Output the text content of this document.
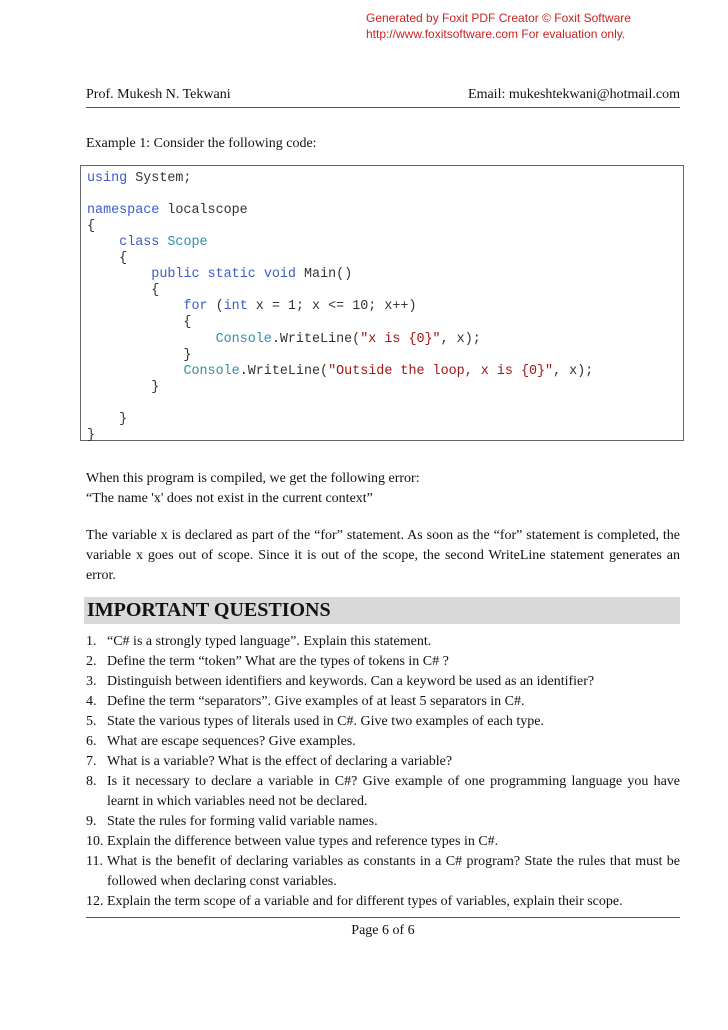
Generated by Foxit PDF Creator © Foxit Software
http://www.foxitsoftware.com For evaluation only.
Prof. Mukesh N. Tekwani	Email: mukeshtekwani@hotmail.com
Example 1: Consider the following code:
using System;
namespace localscope
{
class Scope
{
public static void Main()
{
for (int x = 1; x <= 10; x++)
{
Console.WriteLine("x is {0}", x);
}
Console.WriteLine("Outside the loop, x is {0}", x);
}
}
}
When this program is compiled, we get the following error:
“The name 'x' does not exist in the current context”
The variable x is declared as part of the “for” statement. As soon as the “for” statement is completed, the variable x goes out of scope. Since it is out of the scope, the second WriteLine statement generates an error.
IMPORTANT QUESTIONS
1. “C# is a strongly typed language”. Explain this statement.
2. Define the term “token” What are the types of tokens in C# ?
3. Distinguish between identifiers and keywords. Can a keyword be used as an identifier?
4. Define the term “separators”. Give examples of at least 5 separators in C#.
5. State the various types of literals used in C#. Give two examples of each type.
6. What are escape sequences? Give examples.
7. What is a variable? What is the effect of declaring a variable?
8. Is it necessary to declare a variable in C#? Give example of one programming language you have learnt in which variables need not be declared.
9. State the rules for forming valid variable names.
10. Explain the difference between value types and reference types in C#.
11. What is the benefit of declaring variables as constants in a C# program? State the rules that must be followed when declaring const variables.
12. Explain the term scope of a variable and for different types of variables, explain their scope.
Page 6 of 6
